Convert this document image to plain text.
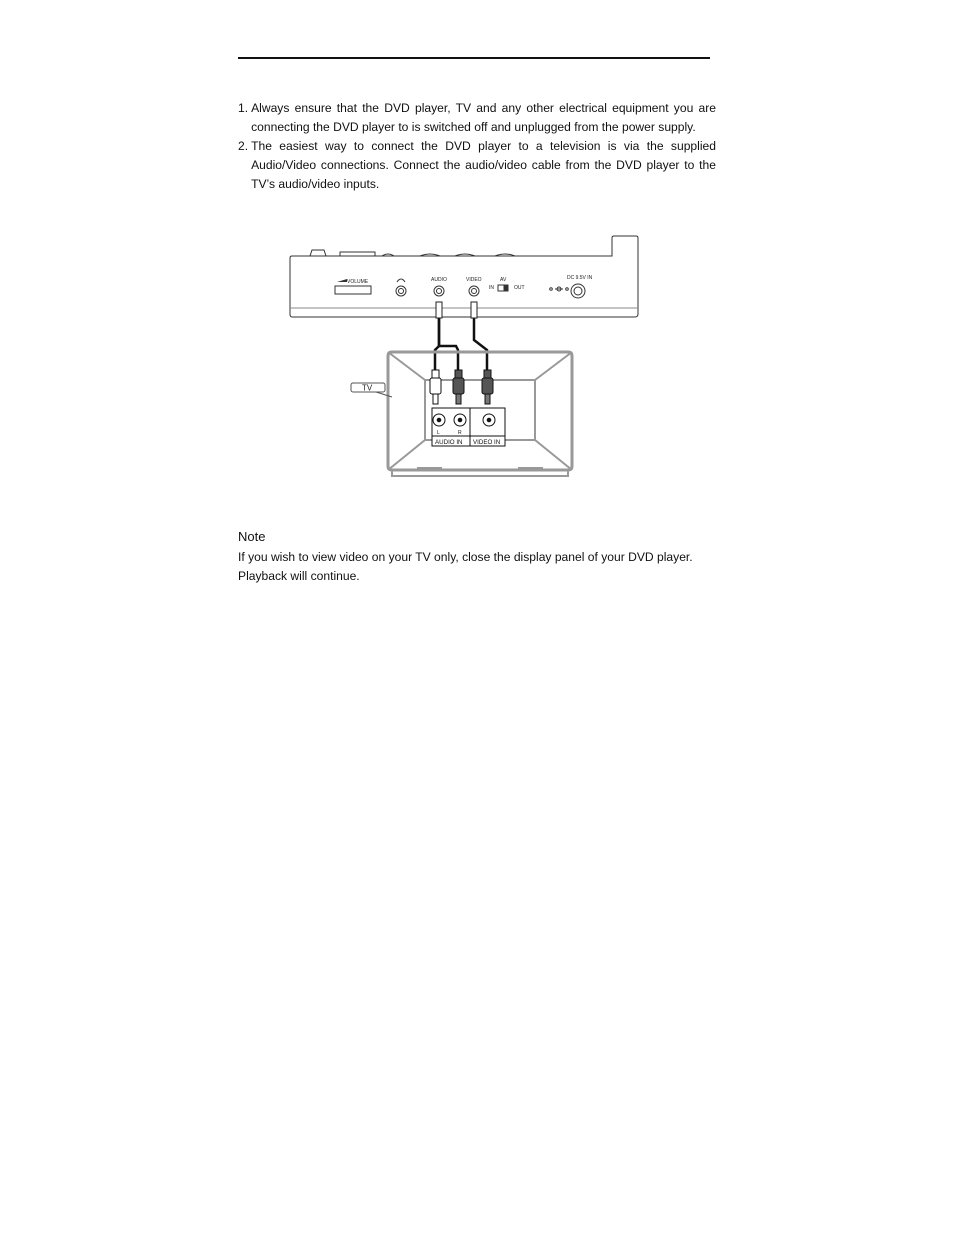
1. Always ensure that the DVD player, TV and any other electrical equipment you are connecting the DVD player to is switched off and unplugged from the power supply.
2. The easiest way to connect the DVD player to a television is via the supplied Audio/Video connections. Connect the audio/video cable from the DVD player to the TV’s audio/video inputs.
VOLUME	AUDIO	VIDEO	AV
IN	OUT
DC 9.5V IN
L	R
AUDIO IN VIDEO IN
TV
Note
If you wish to view video on your TV only, close the display panel of your DVD player. Playback will continue.
